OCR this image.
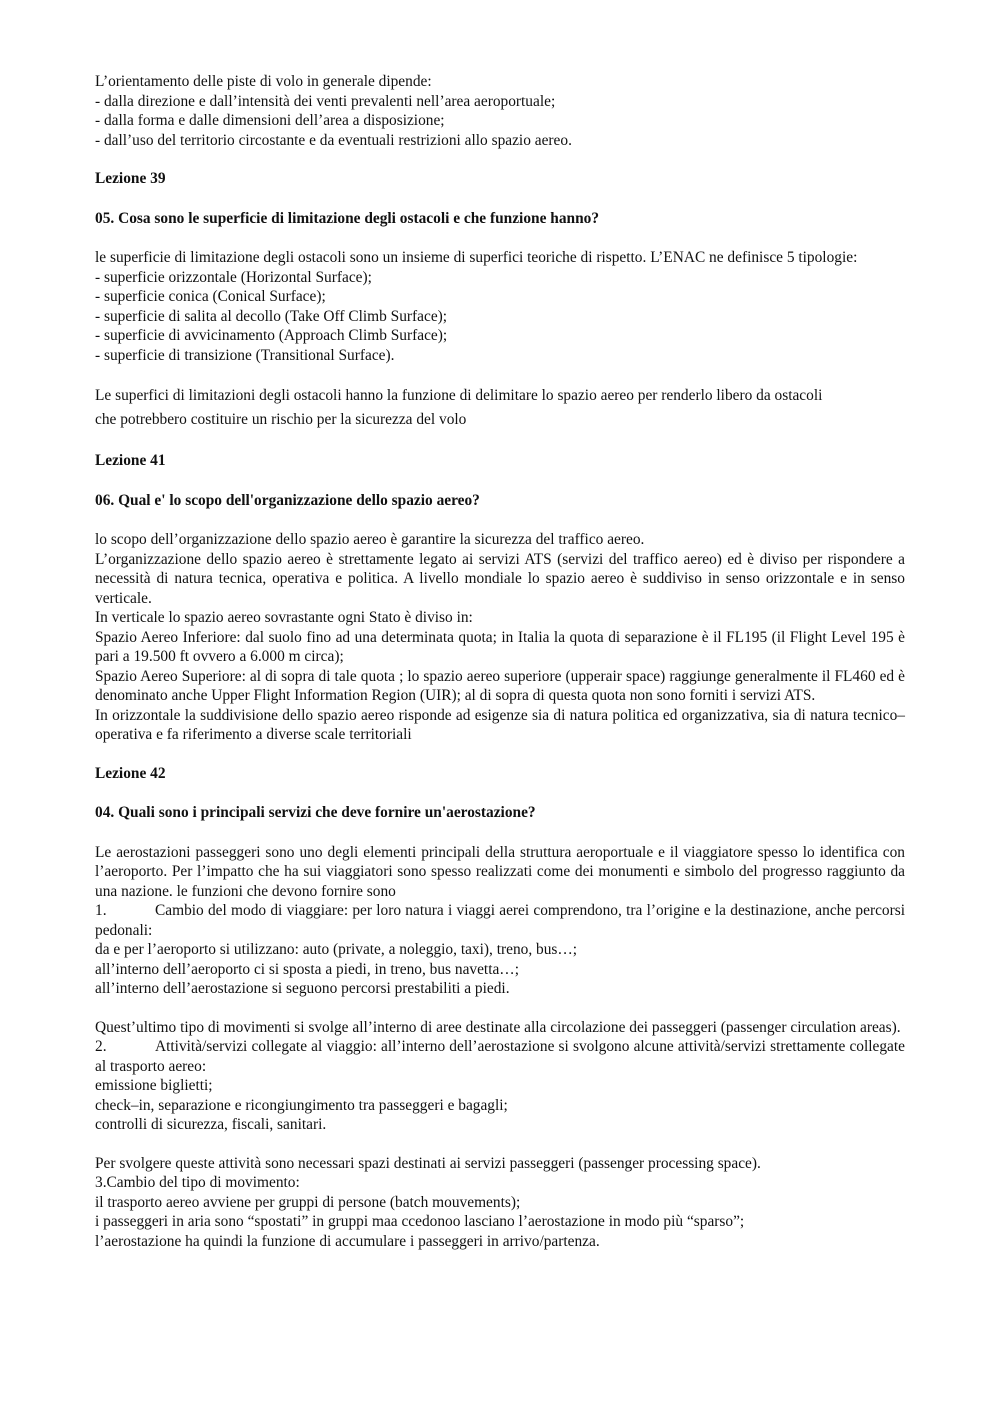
L’orientamento delle piste di volo in generale dipende:
- dalla direzione e dall’intensità dei venti prevalenti nell’area aeroportuale;
- dalla forma e dalle dimensioni dell’area a disposizione;
- dall’uso del territorio circostante e da eventuali restrizioni allo spazio aereo.
Lezione 39
05. Cosa sono le superficie di limitazione degli ostacoli e che funzione hanno?
le superficie di limitazione degli ostacoli sono un insieme di superfici teoriche di rispetto. L’ENAC ne definisce 5 tipologie:
- superficie orizzontale (Horizontal Surface);
- superficie conica (Conical Surface);
- superficie di salita al decollo (Take Off Climb Surface);
- superficie di avvicinamento (Approach Climb Surface);
- superficie di transizione (Transitional Surface).
Le superfici di limitazioni degli ostacoli hanno la funzione di delimitare lo spazio aereo per renderlo libero da ostacoli
che potrebbero costituire un rischio per la sicurezza del volo
Lezione 41
06. Qual e' lo scopo dell'organizzazione dello spazio aereo?
lo scopo dell’organizzazione dello spazio aereo è garantire la sicurezza del traffico aereo.
L’organizzazione dello spazio aereo è strettamente legato ai servizi ATS (servizi del traffico aereo) ed è diviso per rispondere a necessità di natura tecnica, operativa e politica. A livello mondiale lo spazio aereo è suddiviso in senso orizzontale e in senso verticale.
In verticale lo spazio aereo sovrastante ogni Stato è diviso in:
Spazio Aereo Inferiore: dal suolo fino ad una determinata quota; in Italia la quota di separazione è il FL195 (il Flight Level 195 è pari a 19.500 ft ovvero a 6.000 m circa);
Spazio Aereo Superiore: al di sopra di tale quota ; lo spazio aereo superiore (upperair space) raggiunge generalmente il FL460 ed è denominato anche Upper Flight Information Region (UIR); al di sopra di questa quota non sono forniti i servizi ATS.
In orizzontale la suddivisione dello spazio aereo risponde ad esigenze sia di natura politica ed organizzativa, sia di natura tecnico–operativa e fa riferimento a diverse scale territoriali
Lezione 42
04. Quali sono i principali servizi che deve fornire un'aerostazione?
Le aerostazioni passeggeri sono uno degli elementi principali della struttura aeroportuale e il viaggiatore spesso lo identifica con l’aeroporto. Per l’impatto che ha sui viaggiatori sono spesso realizzati come dei monumenti e simbolo del progresso raggiunto da una nazione. le funzioni che devono fornire sono
1.	Cambio del modo di viaggiare: per loro natura i viaggi aerei comprendono, tra l’origine e la destinazione, anche percorsi pedonali:
da e per l’aeroporto si utilizzano: auto (private, a noleggio, taxi), treno, bus…;
all’interno dell’aeroporto ci si sposta a piedi, in treno, bus navetta…;
all’interno dell’aerostazione si seguono percorsi prestabiliti a piedi.
Quest’ultimo tipo di movimenti si svolge all’interno di aree destinate alla circolazione dei passeggeri (passenger circulation areas).
2.	Attività/servizi collegate al viaggio: all’interno dell’aerostazione si svolgono alcune attività/servizi strettamente collegate al trasporto aereo:
emissione biglietti;
check–in, separazione e ricongiungimento tra passeggeri e bagagli;
controlli di sicurezza, fiscali, sanitari.
Per svolgere queste attività sono necessari spazi destinati ai servizi passeggeri (passenger processing space).
3.Cambio del tipo di movimento:
il trasporto aereo avviene per gruppi di persone (batch mouvements);
i passeggeri in aria sono “spostati” in gruppi maa ccedonoo lasciano l’aerostazione in modo più “sparso”;
l’aerostazione ha quindi la funzione di accumulare i passeggeri in arrivo/partenza.
